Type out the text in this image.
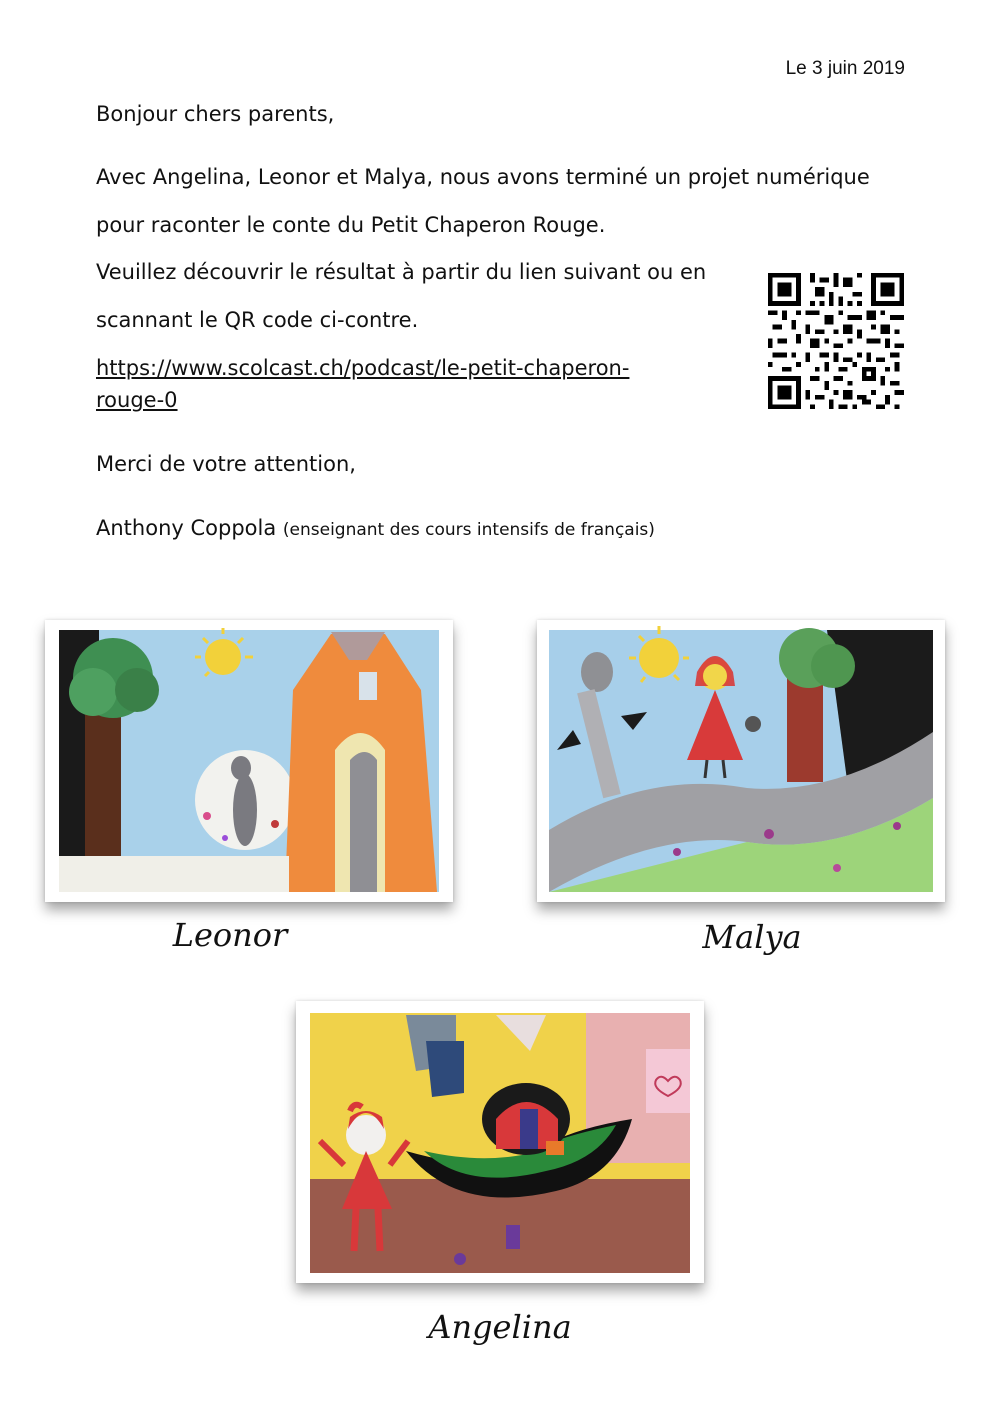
Le 3 juin 2019
Bonjour chers parents,
Avec Angelina, Leonor et Malya, nous avons terminé un projet numérique pour raconter le conte du Petit Chaperon Rouge.
Veuillez découvrir le résultat à partir du lien suivant ou en scannant le QR code ci-contre.
https://www.scolcast.ch/podcast/le-petit-chaperon-rouge-0
Merci de votre attention,
Anthony Coppola (enseignant des cours intensifs de français)
Leonor	Malya
Angelina
